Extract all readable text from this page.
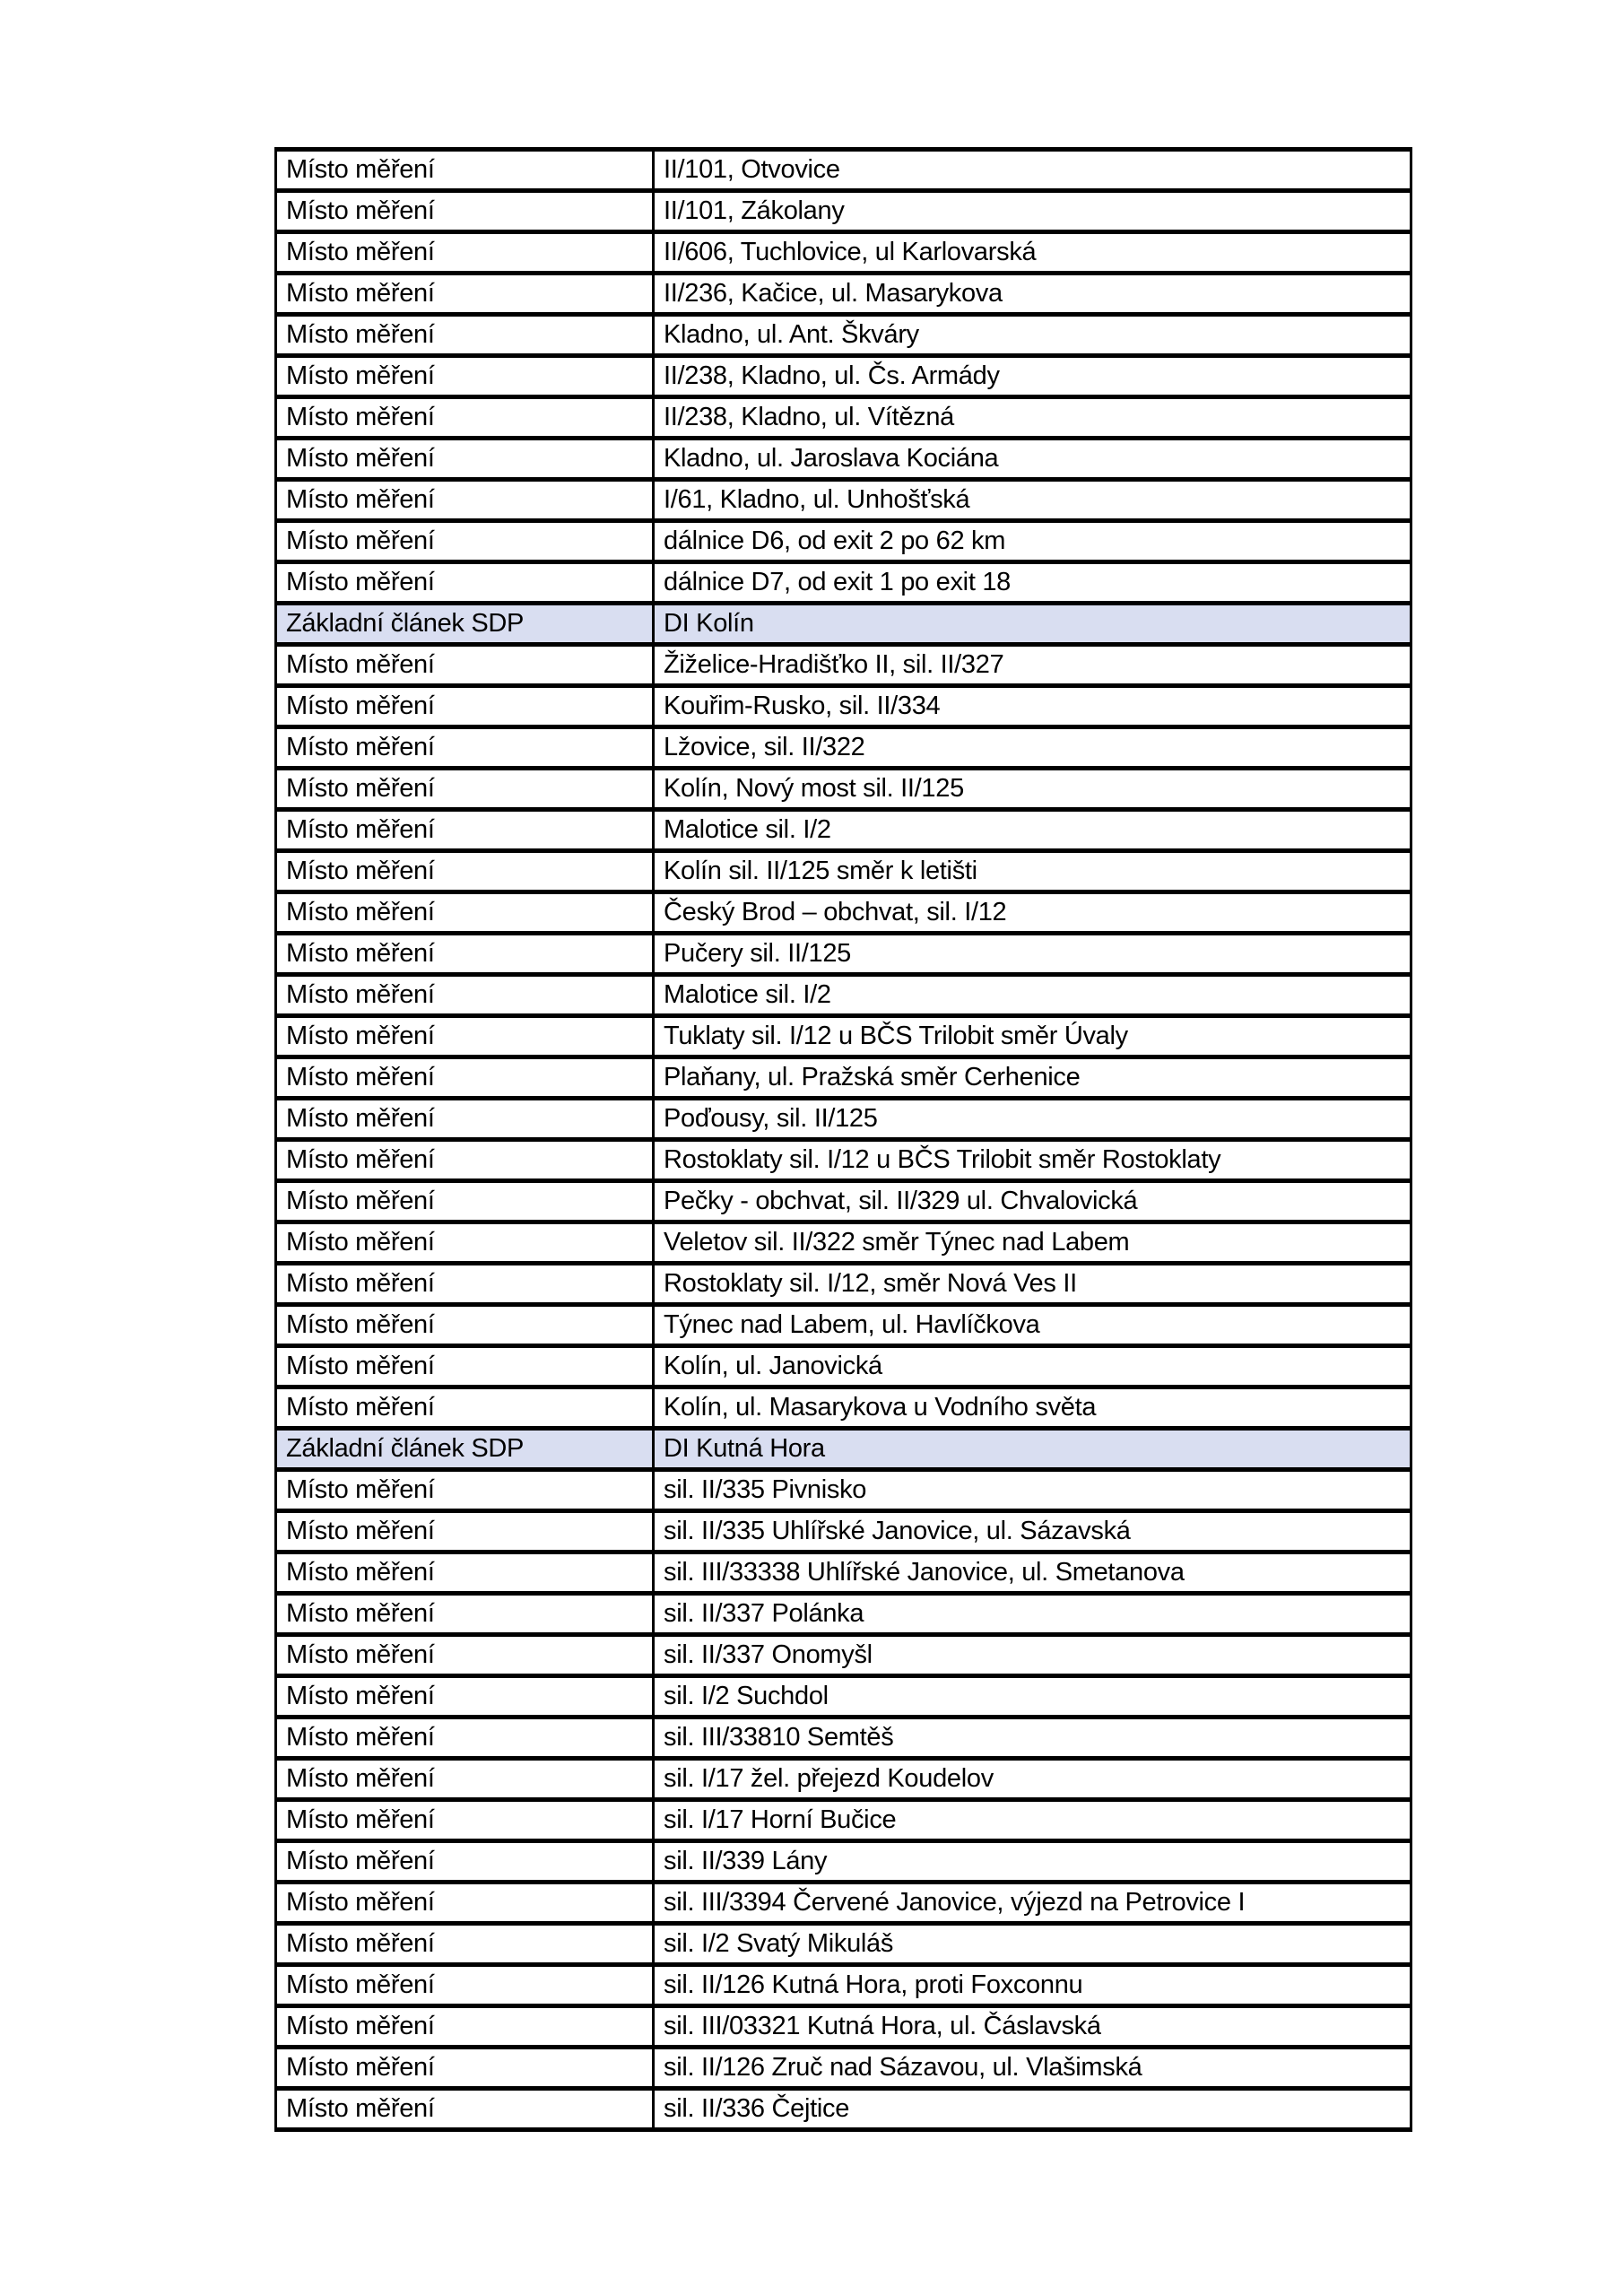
Místo měření	II/101, Otvovice
Místo měření	II/101, Zákolany
Místo měření	II/606, Tuchlovice, ul Karlovarská
Místo měření	II/236, Kačice, ul. Masarykova
Místo měření	Kladno, ul. Ant. Škváry
Místo měření	II/238, Kladno, ul. Čs. Armády
Místo měření	II/238, Kladno, ul. Vítězná
Místo měření	Kladno, ul. Jaroslava Kociána
Místo měření	I/61, Kladno, ul. Unhošťská
Místo měření	dálnice D6, od exit 2 po 62 km
Místo měření	dálnice D7, od exit 1 po exit 18
Základní článek SDP	DI Kolín
Místo měření	Žiželice-Hradišťko II, sil. II/327
Místo měření	Kouřim-Rusko, sil. II/334
Místo měření	Lžovice, sil. II/322
Místo měření	Kolín, Nový most sil. II/125
Místo měření	Malotice sil. I/2
Místo měření	Kolín sil. II/125 směr k letišti
Místo měření	Český Brod – obchvat, sil. I/12
Místo měření	Pučery sil. II/125
Místo měření	Malotice sil. I/2
Místo měření	Tuklaty sil. I/12 u BČS Trilobit směr Úvaly
Místo měření	Plaňany, ul. Pražská směr Cerhenice
Místo měření	Poďousy, sil. II/125
Místo měření	Rostoklaty sil. I/12 u BČS Trilobit směr Rostoklaty
Místo měření	Pečky - obchvat, sil. II/329 ul. Chvalovická
Místo měření	Veletov sil. II/322 směr Týnec nad Labem
Místo měření	Rostoklaty sil. I/12, směr Nová Ves II
Místo měření	Týnec nad Labem, ul. Havlíčkova
Místo měření	Kolín, ul. Janovická
Místo měření	Kolín, ul. Masarykova u Vodního světa
Základní článek SDP	DI Kutná Hora
Místo měření	sil. II/335 Pivnisko
Místo měření	sil. II/335 Uhlířské Janovice, ul. Sázavská
Místo měření	sil. III/33338 Uhlířské Janovice, ul. Smetanova
Místo měření	sil. II/337 Polánka
Místo měření	sil. II/337 Onomyšl
Místo měření	sil. I/2 Suchdol
Místo měření	sil. III/33810 Semtěš
Místo měření	sil. I/17 žel. přejezd Koudelov
Místo měření	sil. I/17 Horní Bučice
Místo měření	sil. II/339 Lány
Místo měření	sil. III/3394 Červené Janovice, výjezd na Petrovice I
Místo měření	sil. I/2 Svatý Mikuláš
Místo měření	sil. II/126 Kutná Hora, proti Foxconnu
Místo měření	sil. III/03321 Kutná Hora, ul. Čáslavská
Místo měření	sil. II/126 Zruč nad Sázavou, ul. Vlašimská
Místo měření	sil. II/336 Čejtice
